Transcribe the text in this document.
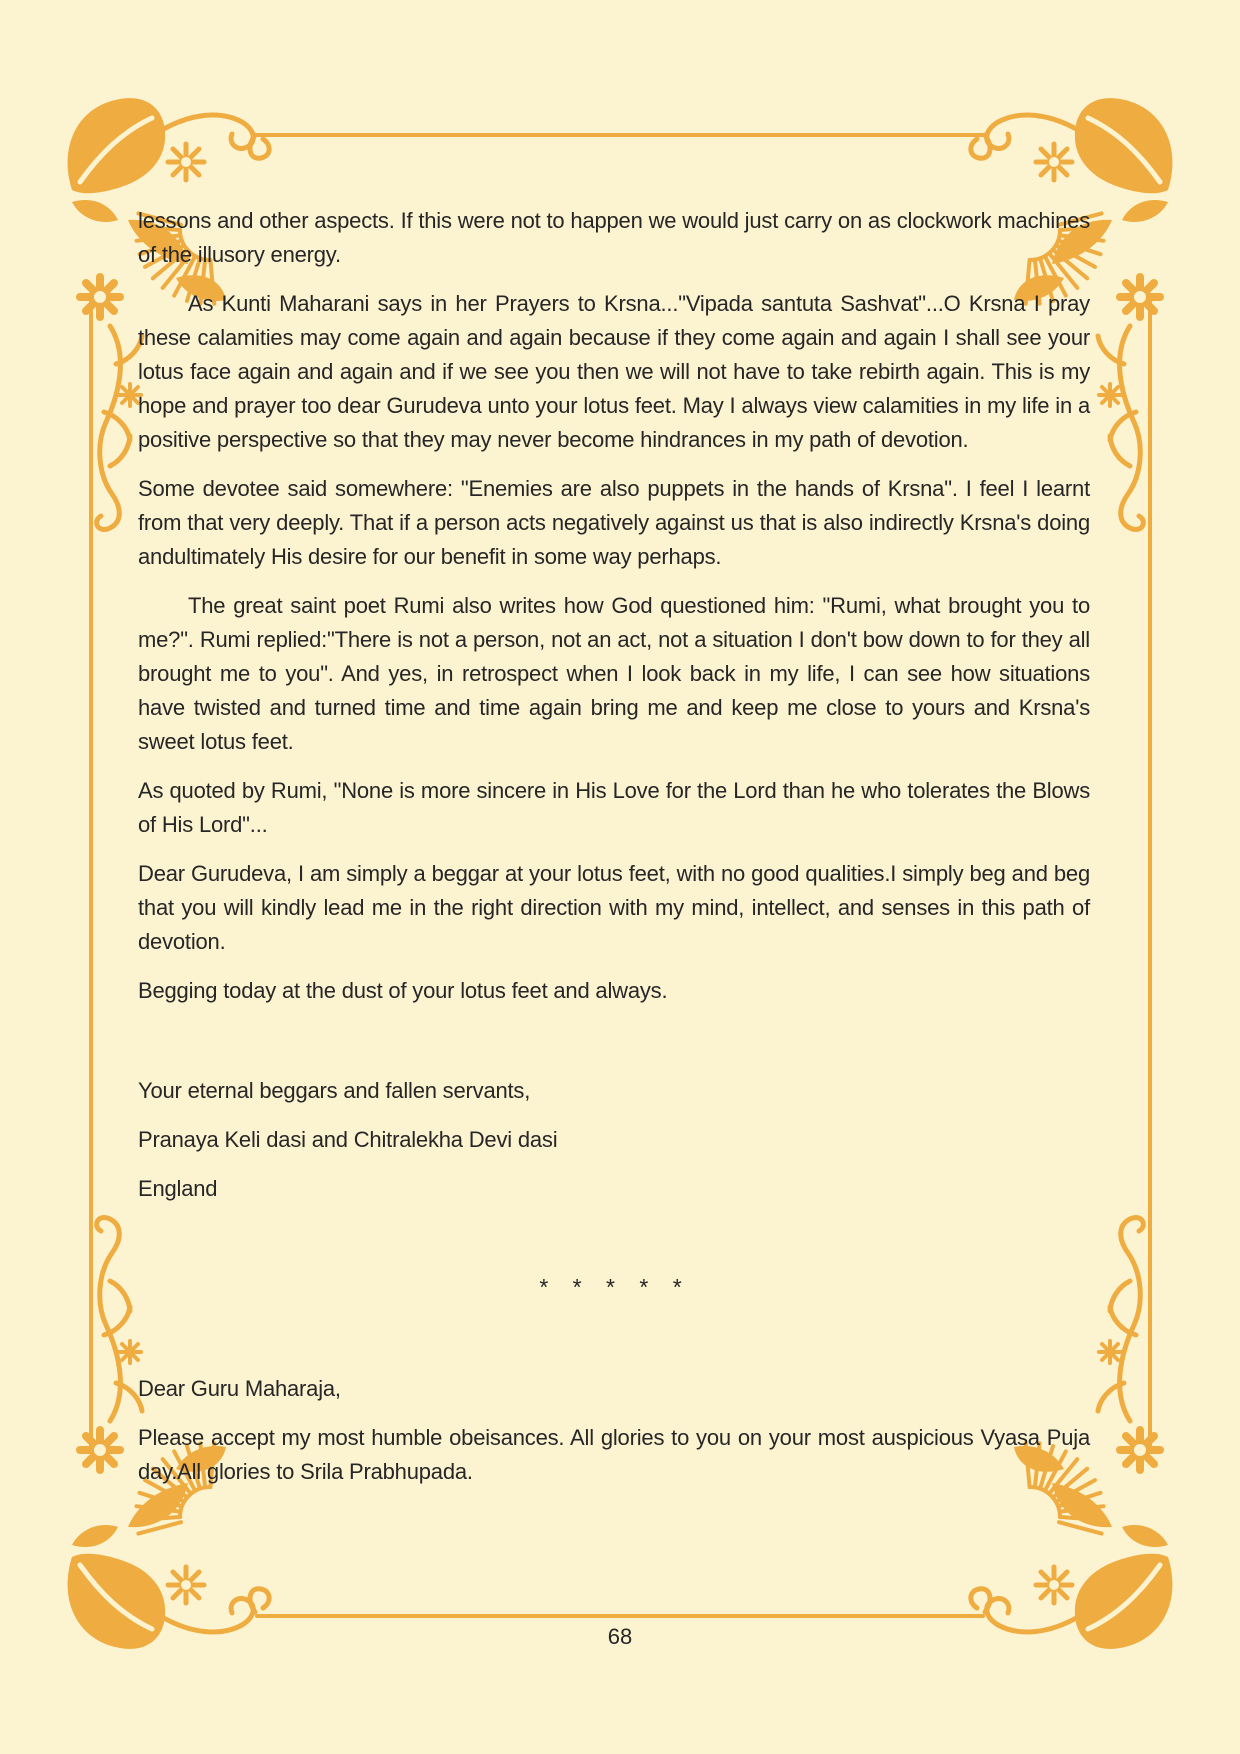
lessons and other aspects. If this were not to happen we would just carry on as clockwork machines of the illusory energy.

As Kunti Maharani says in her Prayers to Krsna..."Vipada santuta Sashvat"...O Krsna I pray these calamities may come again and again because if they come again and again I shall see your lotus face again and again and if we see you then we will not have to take rebirth again. This is my hope and prayer too dear Gurudeva unto your lotus feet. May I always view calamities in my life in a positive perspective so that they may never become hindrances in my path of devotion.

Some devotee said somewhere: "Enemies are also puppets in the hands of Krsna". I feel I learnt from that very deeply. That if a person acts negatively against us that is also indirectly Krsna's doing andultimately His desire for our benefit in some way perhaps.

The great saint poet Rumi also writes how God questioned him: "Rumi, what brought you to me?". Rumi replied:"There is not a person, not an act, not a situation I don't bow down to for they all brought me to you". And yes, in retrospect when I look back in my life, I can see how situations have twisted and turned time and time again bring me and keep me close to yours and Krsna's sweet lotus feet.

As quoted by Rumi, "None is more sincere in His Love for the Lord than he who tolerates the Blows of His Lord"...

Dear Gurudeva, I am simply a beggar at your lotus feet, with no good qualities.I simply beg and beg that you will kindly lead me in the right direction with my mind, intellect, and senses in this path of devotion.

Begging today at the dust of your lotus feet and always.

Your eternal beggars and fallen servants,

Pranaya Keli dasi and Chitralekha Devi dasi

England

* * * * *

Dear Guru Maharaja,

Please accept my most humble obeisances. All glories to you on your most auspicious Vyasa Puja day.All glories to Srila Prabhupada.

68
